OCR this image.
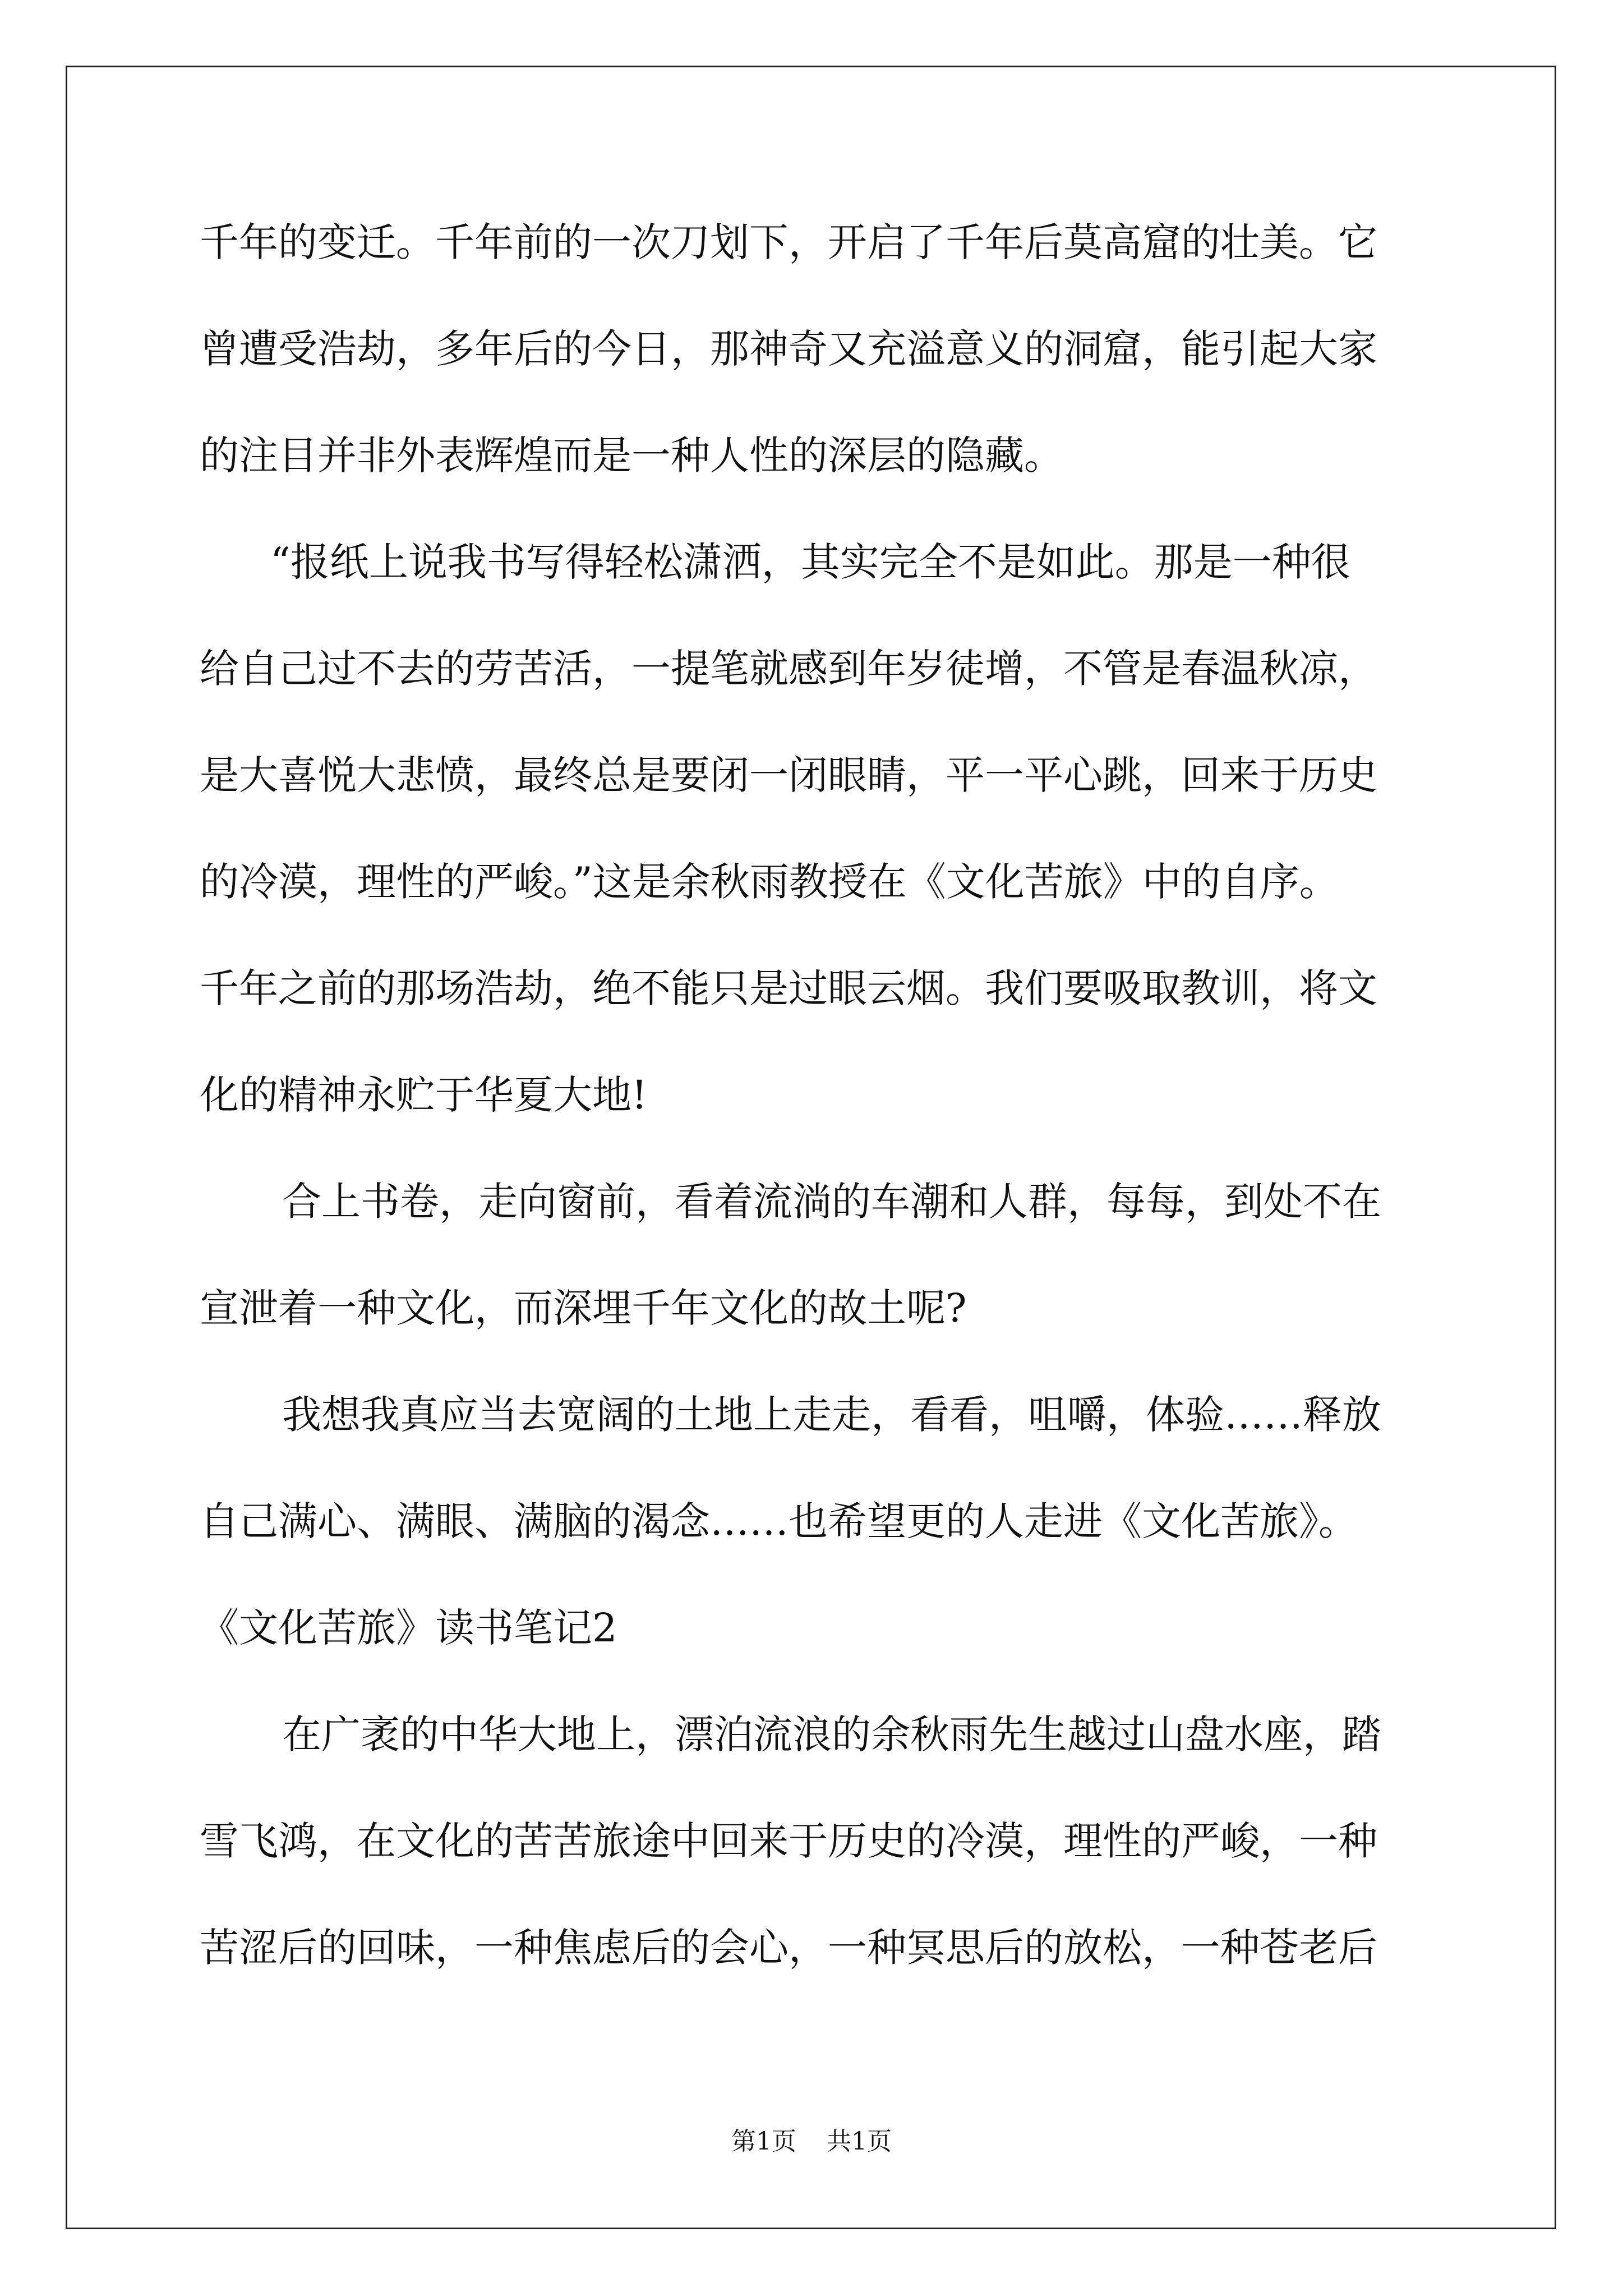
千年的变迁。千年前的一次刀划下，开启了千年后莫高窟的壮美。它
曾遭受浩劫，多年后的今日，那神奇又充溢意义的洞窟，能引起大家
的注目并非外表辉煌而是一种人性的深层的隐藏。
“报纸上说我书写得轻松潇洒，其实完全不是如此。那是一种很
给自己过不去的劳苦活，一提笔就感到年岁徒增，不管是春温秋凉，
是大喜悦大悲愤，最终总是要闭一闭眼睛，平一平心跳，回来于历史
的冷漠，理性的严峻。”这是余秋雨教授在《文化苦旅》中的自序。
千年之前的那场浩劫，绝不能只是过眼云烟。我们要吸取教训，将文
化的精神永贮于华夏大地!
合上书卷，走向窗前，看着流淌的车潮和人群，每每，到处不在
宣泄着一种文化，而深埋千年文化的故土呢?
我想我真应当去宽阔的土地上走走，看看，咀嚼，体验……释放
自己满心、满眼、满脑的渴念……也希望更的人走进《文化苦旅》。
《文化苦旅》读书笔记2
在广袤的中华大地上，漂泊流浪的余秋雨先生越过山盘水座，踏
雪飞鸿，在文化的苦苦旅途中回来于历史的冷漠，理性的严峻，一种
苦涩后的回味，一种焦虑后的会心，一种冥思后的放松，一种苍老后
第1页 共1页
